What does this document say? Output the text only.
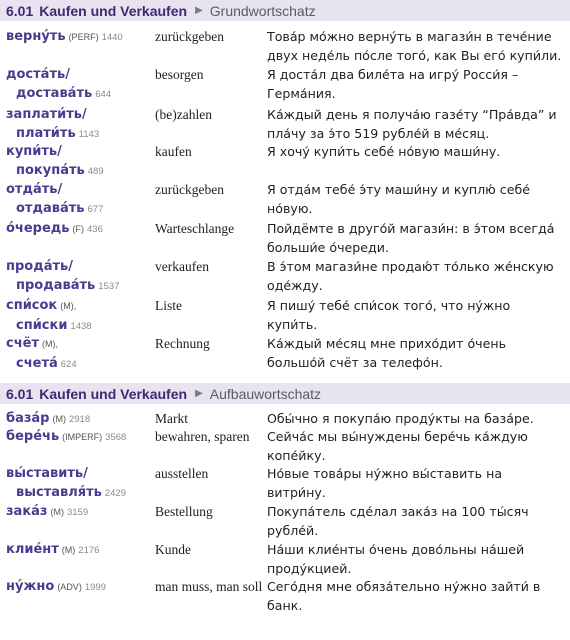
6.01 Kaufen und Verkaufen ▶ Grundwortschatz
верну́ть (PERF) 1440	zurückgeben	Това́р мо́жно верну́ть в магази́н в тече́ние двух неде́ль по́сле того́, как Вы его́ купи́ли.
доста́ть/
достава́ть 644
besorgen	Я доста́л два биле́та на игру́ Росси́я – Герма́ния.
заплати́ть/
плати́ть 1143
(be)zahlen	Ка́ждый день я получа́ю газе́ту “Пра́вда” и пла́чу за э́то 519 рубле́й в ме́сяц.
купи́ть/
покупа́ть 489
kaufen	Я хочу́ купи́ть себе́ но́вую маши́ну.
отда́ть/
отдава́ть 677
zurückgeben	Я отда́м тебе́ э́ту маши́ну и куплю́ себе́ но́вую.
о́чередь (F) 436	Warteschlange	Пойдёмте в друго́й магази́н: в э́том всегда́ больши́е о́череди.
прода́ть/
продава́ть 1537
verkaufen	В э́том магази́не продаю́т то́лько же́нскую оде́жду.
спи́сок (M),
спи́ски 1438
Liste	Я пишу́ тебе́ спи́сок того́, что ну́жно купи́ть.
счёт (M),
счета́ 624
Rechnung	Ка́ждый ме́сяц мне прихо́дит о́чень большо́й счёт за телефо́н.
6.01 Kaufen und Verkaufen ▶ Aufbauwortschatz
база́р (M) 2918	Markt	Обы́чно я покупа́ю проду́кты на база́ре.
бере́чь (IMPERF) 3568	bewahren, sparen	Сейча́с мы вы́нуждены бере́чь ка́ждую копе́йку.
вы́ставить/
выставля́ть 2429
ausstellen	Но́вые това́ры ну́жно вы́ставить на витри́ну.
зака́з (M) 3159	Bestellung	Покупа́тель сде́лал зака́з на 100 ты́сяч рубле́й.
клие́нт (M) 2176	Kunde	На́ши клие́нты о́чень дово́льны на́шей проду́кцией.
ну́жно (ADV) 1999	man muss, man soll Сего́дня мне обяза́тельно ну́жно зайти́ в банк.
